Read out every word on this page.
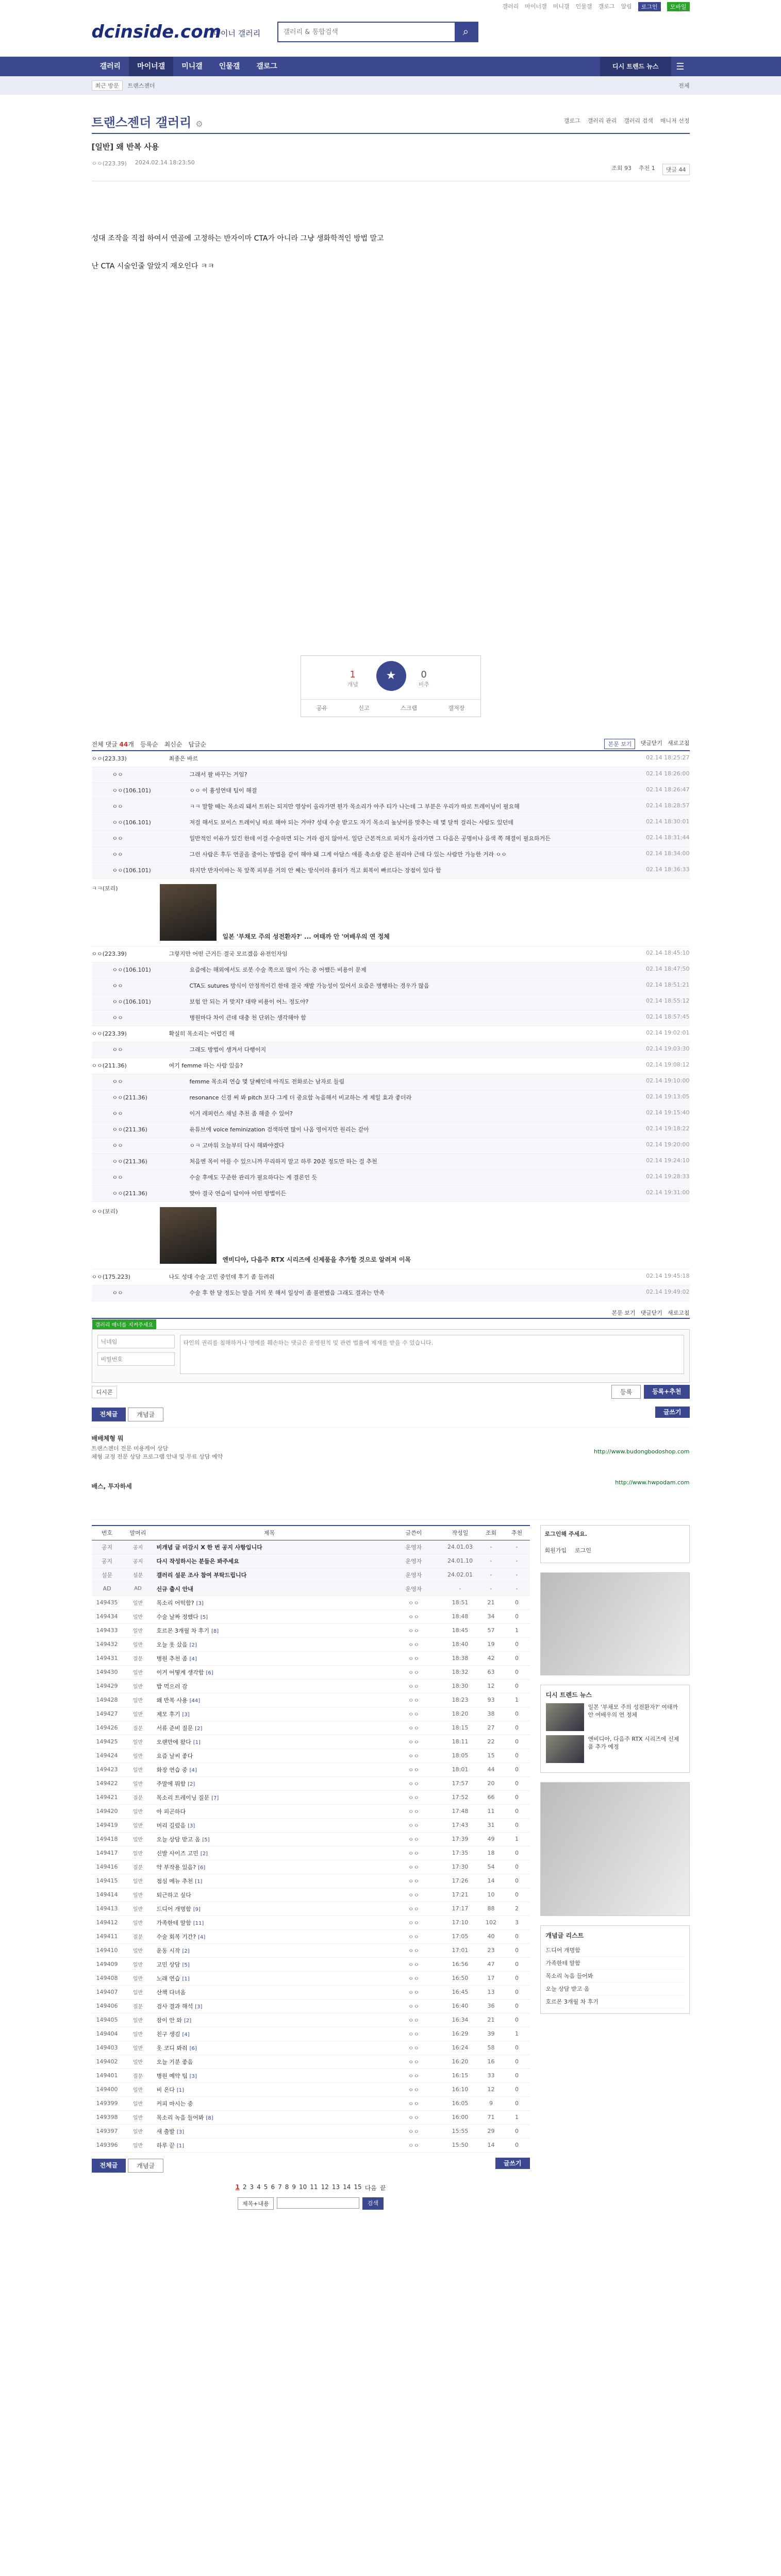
갤러리 마이너갤 미니갤 인물갤 갤로그 알림	로그인	모바일
dcinside.com
마이너 갤러리
갤러리 & 통합검색	⌕
갤러리	마이너갤	미니갤	인물갤	갤로그	디시 트렌드 뉴스	☰
최근 방문	트랜스젠더	전체
트랜스젠더 갤러리 ⚙	갤로그 갤러리 관리 갤러리 검색 매니저 선정
[일반] 왜 반복 사용
ㅇㅇ(223.39) 2024.02.14 18:23:50
조회 93 추천 1	댓글 44

성대 조작을 직접 하여서 연골에 고정하는 반자이마 CTA가 아니라 그냥 생화학적인 방법 말고

난 CTA 시술인줄 알았지 재오인다 ㅋㅋ

1
개념
★	0
비추
공유	신고	스크랩	갤저장
전체 댓글 44개 등록순 최신순 답글순	본문 보기	댓글닫기 새로고침
ㅇㅇ(223.33)	최종은 바르	02.14 18:25:27
ㅇㅇ	그래서 팔 바꾸는 거임?	02.14 18:26:00
ㅇㅇ(106.101)	ㅇㅇ 이 흉성연대 팀이 해결	02.14 18:26:47
ㅇㅇ	ㅋㅋ 말할 때는 목소리 돼서 트위는 되지만 영상이 올라가면 뭔가 목소리가 아주 티가 나는데 그 부분은 우리가 따로 트레이닝이 필요해	02.14 18:28:57
ㅇㅇ(106.101)	저걸 해서도 보이스 트레이닝 따로 해야 되는 거야? 성대 수술 받고도 자기 목소리 높낮이를 맞추는 데 몇 달씩 걸리는 사람도 있던데	02.14 18:30:01
ㅇㅇ	일반적인 이유가 있긴 한데 이걸 수술하면 되는 거라 쉽지 않아서. 일단 근본적으로 피치가 올라가면 그 다음은 공명이나 음색 쪽 해결이 필요하거든	02.14 18:31:44
ㅇㅇ	그런 사람은 후두 연골을 줄이는 방법을 같이 해야 돼 그게 아담스 애플 축소랑 같은 원리야 근데 다 있는 사람만 가능한 거라 ㅇㅇ	02.14 18:34:00
ㅇㅇ(106.101)	하지만 반자이마는 목 앞쪽 피부를 거의 안 째는 방식이라 흉터가 적고 회복이 빠르다는 장점이 있다 함	02.14 18:36:33
ㅋㅋ(보리)
일본 '부채모 주의 성전환자?' ... 여태까 안 '여배우의 연 정체
ㅇㅇ(223.39)	그렇지만 어떤 근거든 결국 모르겠음 유전인자임	02.14 18:45:10
ㅇㅇ(106.101)	요즘에는 해외에서도 로봇 수술 쪽으로 많이 가는 중 어쨌든 비용이 문제	02.14 18:47:50
ㅇㅇ	CTA도 sutures 방식이 안정적이긴 한데 결국 재발 가능성이 있어서 요즘은 병행하는 경우가 많음	02.14 18:51:21
ㅇㅇ(106.101)	보험 안 되는 거 맞지? 대략 비용이 어느 정도야?	02.14 18:55:12
ㅇㅇ	병원마다 차이 큰데 대충 천 단위는 생각해야 함	02.14 18:57:45
ㅇㅇ(223.39)	확실히 목소리는 어렵긴 해	02.14 19:02:01
ㅇㅇ	그래도 방법이 생겨서 다행이지	02.14 19:03:30
ㅇㅇ(211.36)	여기 femme 하는 사람 있음?	02.14 19:08:12
ㅇㅇ	femme 목소리 연습 몇 달째인데 아직도 전화로는 남자로 들림	02.14 19:10:00
ㅇㅇ(211.36)	resonance 신경 써 봐 pitch 보다 그게 더 중요함 녹음해서 비교하는 게 제일 효과 좋더라	02.14 19:13:05
ㅇㅇ	이거 레퍼런스 채널 추천 좀 해줄 수 있어?	02.14 19:15:40
ㅇㅇ(211.36)	유튜브에 voice feminization 검색하면 많이 나옴 영어지만 원리는 같아	02.14 19:18:22
ㅇㅇ	ㅇㅋ 고마워 오늘부터 다시 해봐야겠다	02.14 19:20:00
ㅇㅇ(211.36)	처음엔 목이 아플 수 있으니까 무리하지 말고 하루 20분 정도만 하는 걸 추천	02.14 19:24:10
ㅇㅇ	수술 후에도 꾸준한 관리가 필요하다는 게 결론인 듯	02.14 19:28:33
ㅇㅇ(211.36)	맞아 결국 연습이 답이야 어떤 방법이든	02.14 19:31:00
ㅇㅇ(보리)
엔비디아, 다음주 RTX 시리즈에 신제품을 추가할 것으로 알려져 이목
ㅇㅇ(175.223)	나도 성대 수술 고민 중인데 후기 좀 들려줘	02.14 19:45:18
ㅇㅇ	수술 후 한 달 정도는 말을 거의 못 해서 일상이 좀 불편했음 그래도 결과는 만족	02.14 19:49:02
본문 보기 댓글닫기 새로고침
갤러리 매너를 지켜주세요
닉네임
비밀번호
타인의 권리를 침해하거나 명예를 훼손하는 댓글은 운영원칙 및 관련 법률에 제재를 받을 수 있습니다.
디시콘	등록	등록+추천
전체글	개념글	글쓰기
배배체형 뭐
트랜스젠더 전문 미용케어 상담
체형 교정 전문 상담 프로그램 안내 및 무료 상담 예약
http://www.budongbodoshop.com
배스, 투자하세
http://www.hwpodam.com
번호	말머리	제목	글쓴이	작성일	조회	추천
공지	공지	비개념 글 미감시 X 한 번 공지 사항입니다	운영자	24.01.03	-	-
공지	공지	다시 작성하시는 분들은 봐주세요	운영자	24.01.10	-	-
설문	설문	갤러리 설문 조사 참여 부탁드립니다	운영자	24.02.01	-	-
AD	AD	신규 출시 안내	운영자	-	-	-
149435	일반	목소리 어떡함? [3]	ㅇㅇ	18:51	21	0
149434	일반	수술 날짜 정했다 [5]	ㅇㅇ	18:48	34	0
149433	일반	호르몬 3개월 차 후기 [8]	ㅇㅇ	18:45	57	1
149432	일반	오늘 옷 샀음 [2]	ㅇㅇ	18:40	19	0
149431	질문	병원 추천 좀 [4]	ㅇㅇ	18:38	42	0
149430	일반	이거 어떻게 생각함 [6]	ㅇㅇ	18:32	63	0
149429	일반	밥 먹으러 감	ㅇㅇ	18:30	12	0
149428	일반	왜 반복 사용 [44]	ㅇㅇ	18:23	93	1
149427	일반	제모 후기 [3]	ㅇㅇ	18:20	38	0
149426	질문	서류 준비 질문 [2]	ㅇㅇ	18:15	27	0
149425	일반	오랜만에 왔다 [1]	ㅇㅇ	18:11	22	0
149424	일반	요즘 날씨 좋다	ㅇㅇ	18:05	15	0
149423	일반	화장 연습 중 [4]	ㅇㅇ	18:01	44	0
149422	일반	주말에 뭐함 [2]	ㅇㅇ	17:57	20	0
149421	질문	목소리 트레이닝 질문 [7]	ㅇㅇ	17:52	66	0
149420	일반	아 피곤하다	ㅇㅇ	17:48	11	0
149419	일반	머리 길렀음 [3]	ㅇㅇ	17:43	31	0
149418	일반	오늘 상담 받고 옴 [5]	ㅇㅇ	17:39	49	1
149417	일반	신발 사이즈 고민 [2]	ㅇㅇ	17:35	18	0
149416	질문	약 부작용 있음? [6]	ㅇㅇ	17:30	54	0
149415	일반	점심 메뉴 추천 [1]	ㅇㅇ	17:26	14	0
149414	일반	퇴근하고 싶다	ㅇㅇ	17:21	10	0
149413	일반	드디어 개명함 [9]	ㅇㅇ	17:17	88	2
149412	일반	가족한테 말함 [11]	ㅇㅇ	17:10	102	3
149411	질문	수술 회복 기간? [4]	ㅇㅇ	17:05	40	0
149410	일반	운동 시작 [2]	ㅇㅇ	17:01	23	0
149409	일반	고민 상담 [5]	ㅇㅇ	16:56	47	0
149408	일반	노래 연습 [1]	ㅇㅇ	16:50	17	0
149407	일반	산책 다녀옴	ㅇㅇ	16:45	13	0
149406	질문	검사 결과 해석 [3]	ㅇㅇ	16:40	36	0
149405	일반	잠이 안 와 [2]	ㅇㅇ	16:34	21	0
149404	일반	친구 생김 [4]	ㅇㅇ	16:29	39	1
149403	일반	옷 코디 봐줘 [6]	ㅇㅇ	16:24	58	0
149402	일반	오늘 기분 좋음	ㅇㅇ	16:20	16	0
149401	질문	병원 예약 팁 [3]	ㅇㅇ	16:15	33	0
149400	일반	비 온다 [1]	ㅇㅇ	16:10	12	0
149399	일반	커피 마시는 중	ㅇㅇ	16:05	9	0
149398	일반	목소리 녹음 들어봐 [8]	ㅇㅇ	16:00	71	1
149397	일반	새 출발 [3]	ㅇㅇ	15:55	29	0
149396	일반	하루 끝 [1]	ㅇㅇ	15:50	14	0
전체글	개념글	글쓰기
1 2 3 4 5 6 7 8 9 10 11 12 13 14 15 다음 끝
제목+내용	검색
로그인해 주세요.
회원가입 로그인
디시 트렌드 뉴스
일본 '부채모 주의 성전환자?' 여태까 안 여배우의 연 정체
엔비디아, 다음주 RTX 시리즈에 신제품 추가 예정
개념글 리스트
드디어 개명함
가족한테 말함
목소리 녹음 들어봐
오늘 상담 받고 옴
호르몬 3개월 차 후기
